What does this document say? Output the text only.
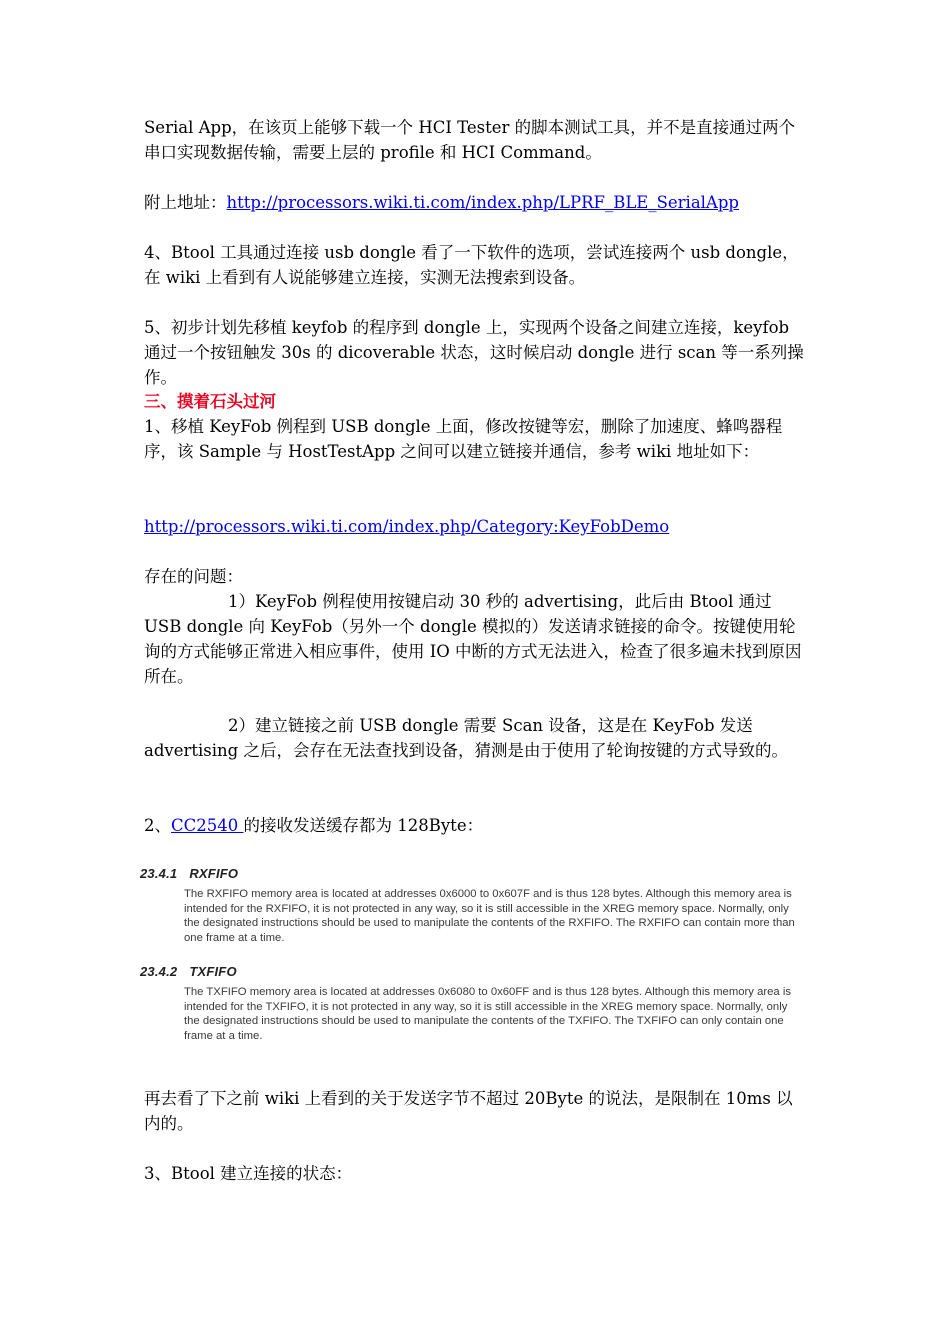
Serial App，在该页上能够下载一个 HCI Tester 的脚本测试工具，并不是直接通过两个串口实现数据传输，需要上层的 profile 和 HCI Command。

附上地址：http://processors.wiki.ti.com/index.php/LPRF_BLE_SerialApp

4、Btool 工具通过连接 usb dongle 看了一下软件的选项，尝试连接两个 usb dongle，在 wiki 上看到有人说能够建立连接，实测无法搜索到设备。

5、初步计划先移植 keyfob 的程序到 dongle 上，实现两个设备之间建立连接，keyfob 通过一个按钮触发 30s 的 dicoverable 状态，这时候启动 dongle 进行 scan 等一系列操作。

三、摸着石头过河

1、移植 KeyFob 例程到 USB dongle 上面，修改按键等宏，删除了加速度、蜂鸣器程序，该 Sample 与 HostTestApp 之间可以建立链接并通信，参考 wiki 地址如下：

http://processors.wiki.ti.com/index.php/Category:KeyFobDemo

存在的问题：

1）KeyFob 例程使用按键启动 30 秒的 advertising，此后由 Btool 通过 USB dongle 向 KeyFob（另外一个 dongle 模拟的）发送请求链接的命令。按键使用轮询的方式能够正常进入相应事件，使用 IO 中断的方式无法进入，检查了很多遍未找到原因所在。

2）建立链接之前 USB dongle 需要 Scan 设备，这是在 KeyFob 发送 advertising 之后，会存在无法查找到设备，猜测是由于使用了轮询按键的方式导致的。

2、CC2540 的接收发送缓存都为 128Byte：

23.4.1 RXFIFO
The RXFIFO memory area is located at addresses 0x6000 to 0x607F and is thus 128 bytes. Although this memory area is intended for the RXFIFO, it is not protected in any way, so it is still accessible in the XREG memory space. Normally, only the designated instructions should be used to manipulate the contents of the RXFIFO. The RXFIFO can contain more than one frame at a time.
23.4.2 TXFIFO
The TXFIFO memory area is located at addresses 0x6080 to 0x60FF and is thus 128 bytes. Although this memory area is intended for the TXFIFO, it is not protected in any way, so it is still accessible in the XREG memory space. Normally, only the designated instructions should be used to manipulate the contents of the TXFIFO. The TXFIFO can only contain one frame at a time.

再去看了下之前 wiki 上看到的关于发送字节不超过 20Byte 的说法，是限制在 10ms 以内的。

3、Btool 建立连接的状态：
